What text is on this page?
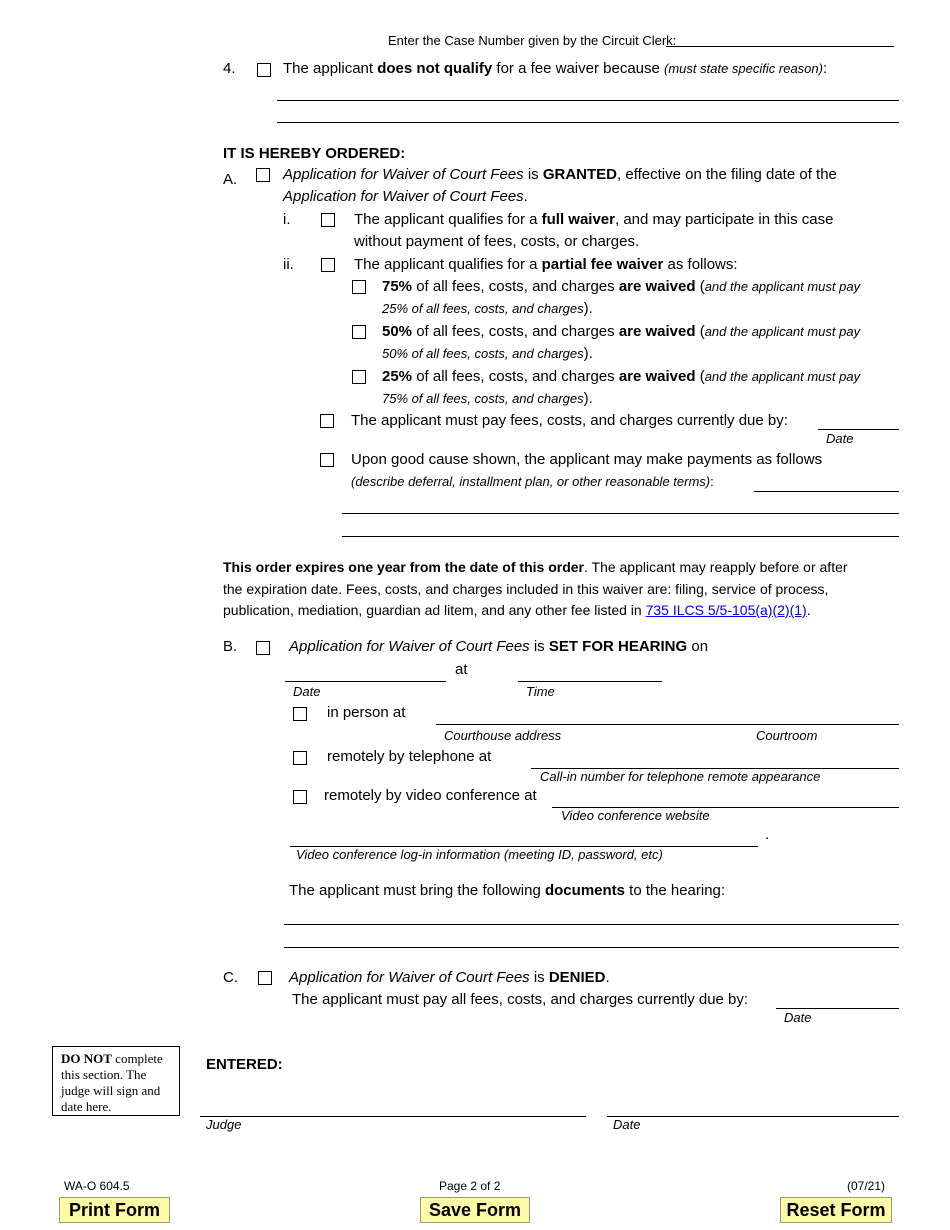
Enter the Case Number given by the Circuit Clerk:
4.	The applicant does not qualify for a fee waiver because (must state specific reason):
IT IS HEREBY ORDERED:
A.	Application for Waiver of Court Fees is GRANTED, effective on the filing date of the
Application for Waiver of Court Fees.
i.	The applicant qualifies for a full waiver, and may participate in this case
without payment of fees, costs, or charges.
ii.	The applicant qualifies for a partial fee waiver as follows:
75% of all fees, costs, and charges are waived (and the applicant must pay
25% of all fees, costs, and charges).
50% of all fees, costs, and charges are waived (and the applicant must pay
50% of all fees, costs, and charges).
25% of all fees, costs, and charges are waived (and the applicant must pay
75% of all fees, costs, and charges).
The applicant must pay fees, costs, and charges currently due by:
Date
Upon good cause shown, the applicant may make payments as follows
(describe deferral, installment plan, or other reasonable terms):
This order expires one year from the date of this order. The applicant may reapply before or after
the expiration date. Fees, costs, and charges included in this waiver are: filing, service of process,
publication, mediation, guardian ad litem, and any other fee listed in 735 ILCS 5/5-105(a)(2)(1).
B.	Application for Waiver of Court Fees is SET FOR HEARING on
at
Date	Time
in person at
Courthouse address	Courtroom
remotely by telephone at
Call-in number for telephone remote appearance
remotely by video conference at
Video conference website
.
Video conference log-in information (meeting ID, password, etc)
The applicant must bring the following documents to the hearing:
C.	Application for Waiver of Court Fees is DENIED.
The applicant must pay all fees, costs, and charges currently due by:
Date
DO NOT complete this section. The judge will sign and date here.
ENTERED:
Judge	Date
WA-O 604.5	Page 2 of 2	(07/21)
Print Form	Save Form	Reset Form
